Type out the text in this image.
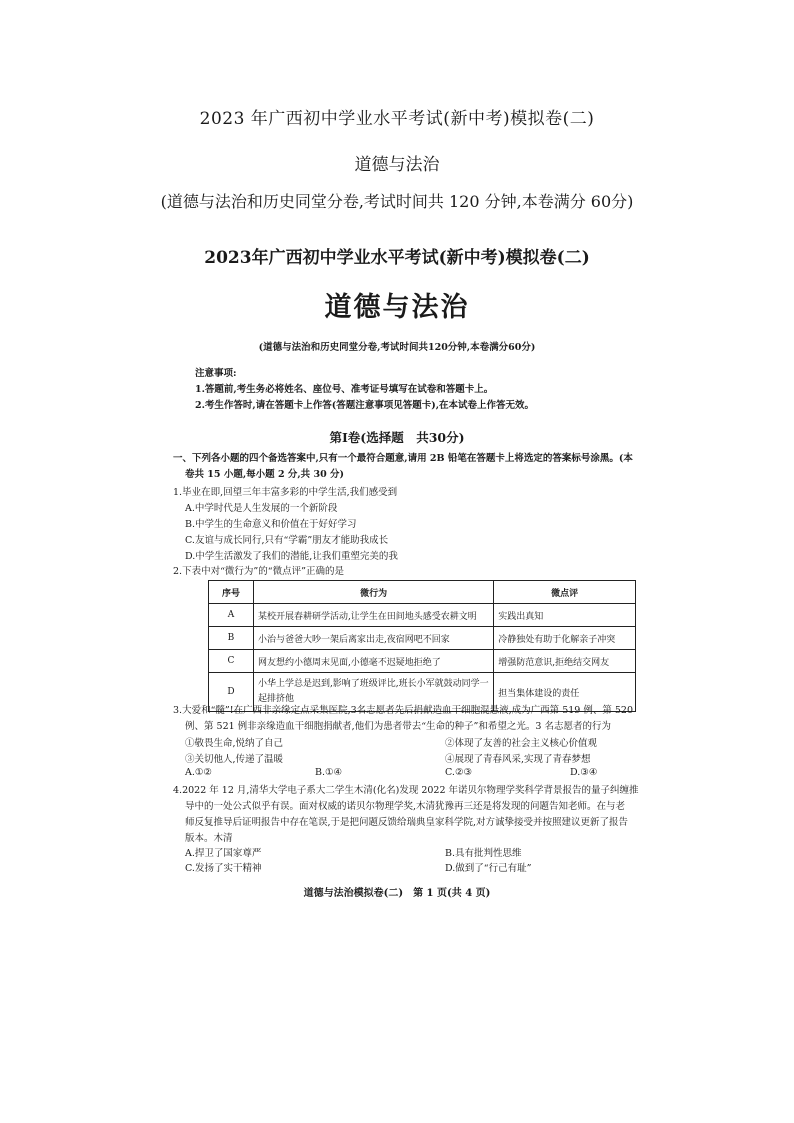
2023 年广西初中学业水平考试(新中考)模拟卷(二)
道德与法治
(道德与法治和历史同堂分卷,考试时间共 120 分钟,本卷满分 60分)
2023年广西初中学业水平考试(新中考)模拟卷(二)
道德与法治
(道德与法治和历史同堂分卷,考试时间共120分钟,本卷满分60分)
注意事项:
1.答题前,考生务必将姓名、座位号、准考证号填写在试卷和答题卡上。
2.考生作答时,请在答题卡上作答(答题注意事项见答题卡),在本试卷上作答无效。
第Ⅰ卷(选择题　共30分)
一、下列各小题的四个备选答案中,只有一个最符合题意,请用 2B 铅笔在答题卡上将选定的答案标号涂黑。(本
卷共 15 小题,每小题 2 分,共 30 分)
1.毕业在即,回望三年丰富多彩的中学生活,我们感受到
A.中学时代是人生发展的一个新阶段
B.中学生的生命意义和价值在于好好学习
C.友谊与成长同行,只有“学霸”朋友才能助我成长
D.中学生活激发了我们的潜能,让我们重塑完美的我
2.下表中对“微行为”的“微点评”正确的是
序号	微行为	微点评
A	某校开展春耕研学活动,让学生在田间地头感受农耕文明	实践出真知
B	小治与爸爸大吵一架后离家出走,夜宿网吧不回家	冷静独处有助于化解亲子冲突
C	网友想约小德周末见面,小德毫不迟疑地拒绝了	增强防范意识,拒绝结交网友
D	小华上学总是迟到,影响了班级评比,班长小军就鼓动同学一起排挤他	担当集体建设的责任
3.大爱和“髓”!在广西非亲缘定点采集医院,3名志愿者先后捐献造血干细胞混悬液,成为广西第 519 例、第 520
例、第 521 例非亲缘造血干细胞捐献者,他们为患者带去“生命的种子”和希望之光。3 名志愿者的行为
①敬畏生命,悦纳了自己	②体现了友善的社会主义核心价值观
③关切他人,传递了温暖	④展现了青春风采,实现了青春梦想
A.①②	B.①④	C.②③	D.③④
4.2022 年 12 月,清华大学电子系大二学生木清(化名)发现 2022 年诺贝尔物理学奖科学背景报告的量子纠缠推
导中的一处公式似乎有误。面对权威的诺贝尔物理学奖,木清犹豫再三还是将发现的问题告知老师。在与老
师反复推导后证明报告中存在笔误,于是把问题反馈给瑞典皇家科学院,对方诚挚接受并按照建议更新了报告
版本。木清
A.捍卫了国家尊严	B.具有批判性思维
C.发扬了实干精神	D.做到了“行己有耻”
道德与法治模拟卷(二)　第 1 页(共 4 页)
